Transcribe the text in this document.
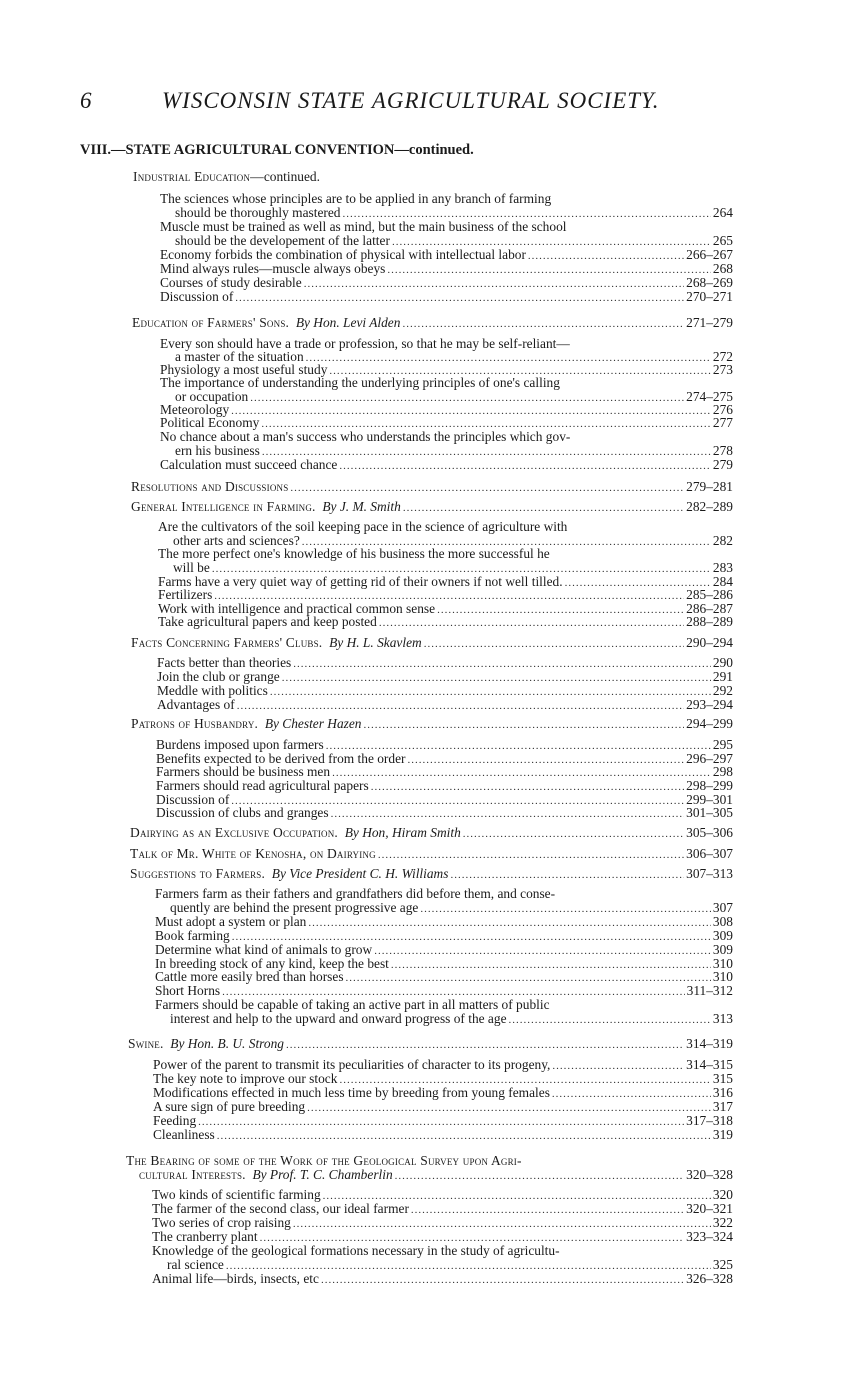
6	WISCONSIN STATE AGRICULTURAL SOCIETY.
VIII.—STATE AGRICULTURAL CONVENTION—continued.
Industrial Education—continued.
The sciences whose principles are to be applied in any branch of farming
should be thoroughly mastered .....	264
Muscle must be trained as well as mind, but the main business of the school
should be the developement of the latter .....	265
Economy forbids the combination of physical with intellectual labor .....	266–267
Mind always rules—muscle always obeys .....	268
Courses of study desirable .....	268–269
Discussion of .....	270–271
Education of Farmers' Sons. By Hon. Levi Alden .....	271–279
Every son should have a trade or profession, so that he may be self-reliant—
a master of the situation .....	272
Physiology a most useful study .....	273
The importance of understanding the underlying principles of one's calling
or occupation .....	274–275
Meteorology .....	276
Political Economy .....	277
No chance about a man's success who understands the principles which gov-
ern his business .....	278
Calculation must succeed chance .....	279
Resolutions and Discussions .....	279–281
General Intelligence in Farming. By J. M. Smith .....	282–289
Are the cultivators of the soil keeping pace in the science of agriculture with
other arts and sciences? .....	282
The more perfect one's knowledge of his business the more successful he
will be .....	283
Farms have a very quiet way of getting rid of their owners if not well tilled. .....	284
Fertilizers .....	285–286
Work with intelligence and practical common sense .....	286–287
Take agricultural papers and keep posted .....	288–289
Facts Concerning Farmers' Clubs. By H. L. Skavlem .....	290–294
Facts better than theories .....	290
Join the club or grange .....	291
Meddle with politics .....	292
Advantages of .....	293–294
Patrons of Husbandry. By Chester Hazen .....	294–299
Burdens imposed upon farmers .....	295
Benefits expected to be derived from the order .....	296–297
Farmers should be business men .....	298
Farmers should read agricultural papers .....	298–299
Discussion of .....	299–301
Discussion of clubs and granges .....	301–305
Dairying as an Exclusive Occupation. By Hon, Hiram Smith .....	305–306
Talk of Mr. White of Kenosha, on Dairying .....	306–307
Suggestions to Farmers. By Vice President C. H. Williams .....	307–313
Farmers farm as their fathers and grandfathers did before them, and conse-
quently are behind the present progressive age .....	307
Must adopt a system or plan .....	308
Book farming .....	309
Determine what kind of animals to grow .....	309
In breeding stock of any kind, keep the best .....	310
Cattle more easily bred than horses .....	310
Short Horns .....	311–312
Farmers should be capable of taking an active part in all matters of public
interest and help to the upward and onward progress of the age .....	313
Swine. By Hon. B. U. Strong .....	314–319
Power of the parent to transmit its peculiarities of character to its progeny, .....	314–315
The key note to improve our stock .....	315
Modifications effected in much less time by breeding from young females .....	316
A sure sign of pure breeding .....	317
Feeding .....	317–318
Cleanliness .....	319
The Bearing of some of the Work of the Geological Survey upon Agri-
cultural Interests. By Prof. T. C. Chamberlin .....	320–328
Two kinds of scientific farming .....	320
The farmer of the second class, our ideal farmer .....	320–321
Two series of crop raising .....	322
The cranberry plant .....	323–324
Knowledge of the geological formations necessary in the study of agricultu-
ral science .....	325
Animal life—birds, insects, etc .....	326–328
